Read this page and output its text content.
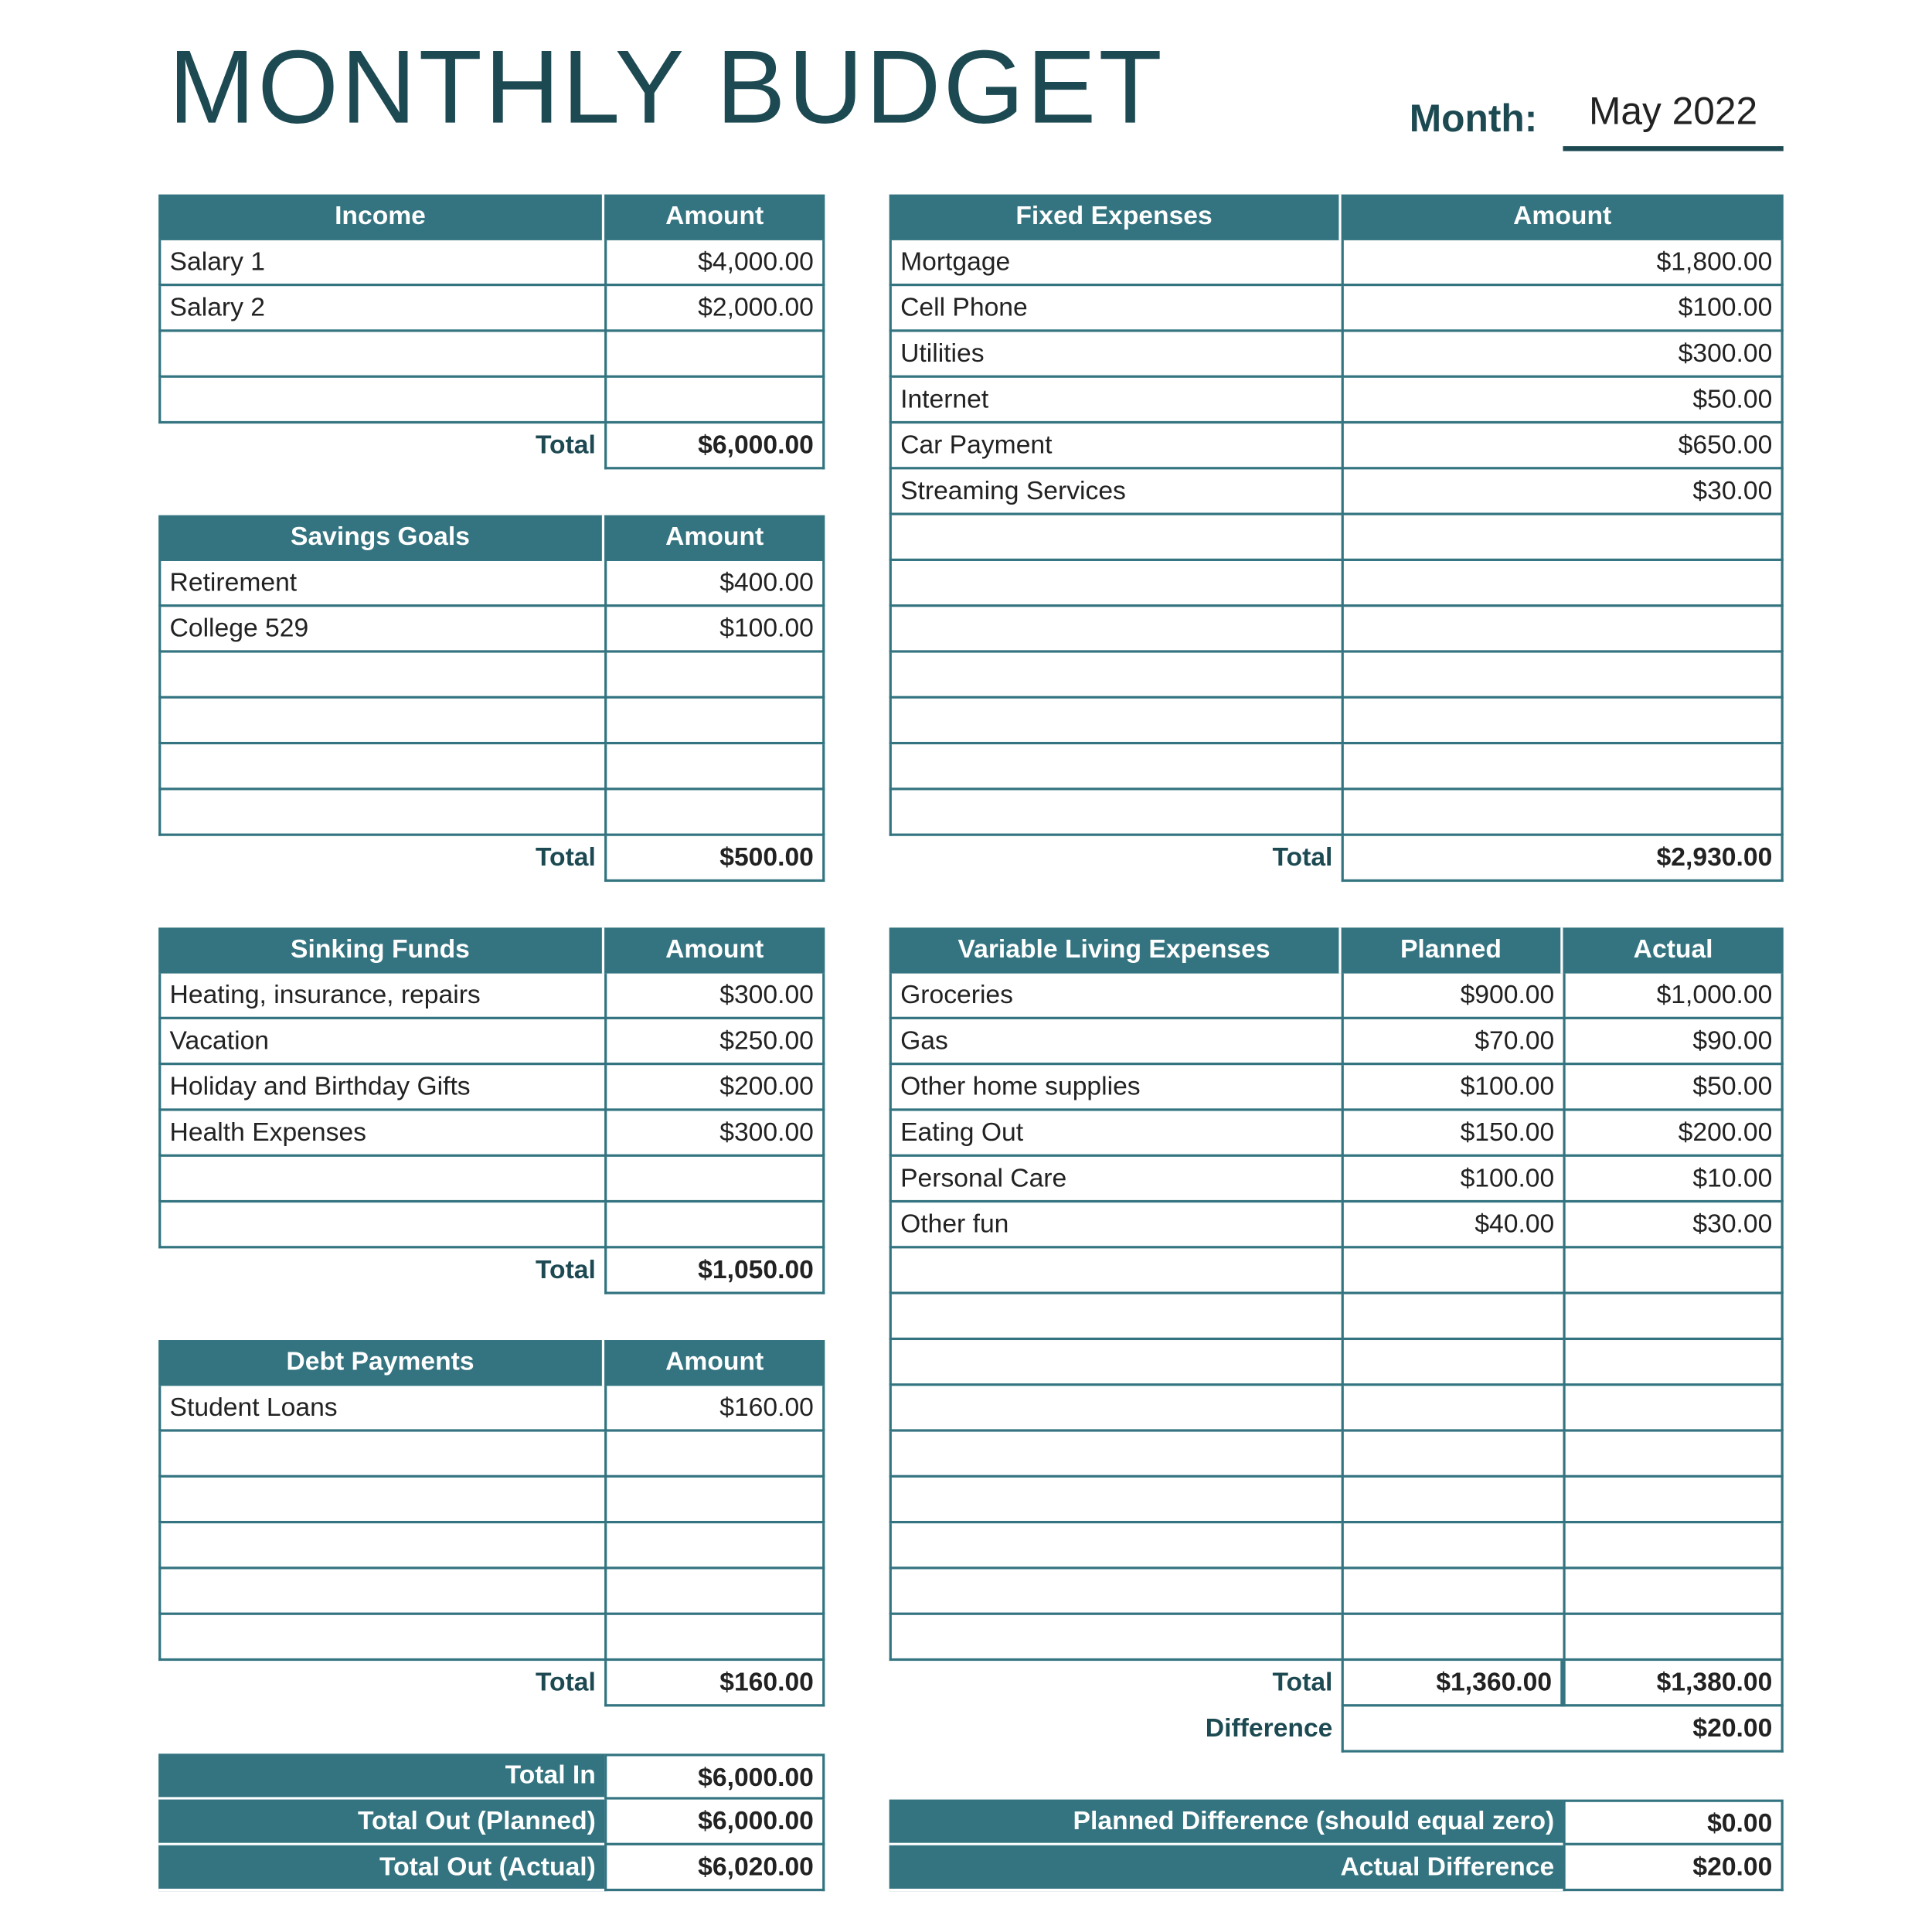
MONTHLY BUDGET	Month:	May 2022
Income	Amount
Salary 1	$4,000.00
Salary 2	$2,000.00
Total	$6,000.00
Savings Goals	Amount
Retirement	$400.00
College 529	$100.00
Total	$500.00
Sinking Funds	Amount
Heating, insurance, repairs	$300.00
Vacation	$250.00
Holiday and Birthday Gifts	$200.00
Health Expenses	$300.00
Total	$1,050.00
Debt Payments	Amount
Student Loans	$160.00
Total	$160.00
Fixed Expenses	Amount
Mortgage	$1,800.00
Cell Phone	$100.00
Utilities	$300.00
Internet	$50.00
Car Payment	$650.00
Streaming Services	$30.00
Total	$2,930.00
Variable Living Expenses	Planned	Actual
Groceries	$900.00	$1,000.00
Gas	$70.00	$90.00
Other home supplies	$100.00	$50.00
Eating Out	$150.00	$200.00
Personal Care	$100.00	$10.00
Other fun	$40.00	$30.00
Total	$1,360.00	$1,380.00
Difference	$20.00
Total In	$6,000.00
Total Out (Planned)	$6,000.00
Total Out (Actual)	$6,020.00
Planned Difference (should equal zero)	$0.00
Actual Difference	$20.00
